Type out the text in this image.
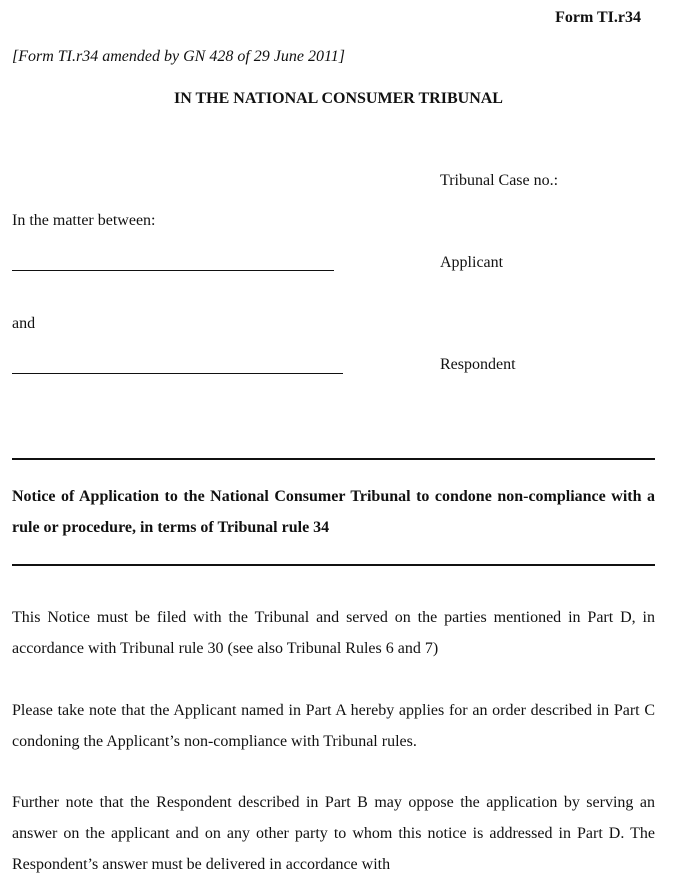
Form TI.r34
[Form TI.r34 amended by GN 428 of 29 June 2011]
IN THE NATIONAL CONSUMER TRIBUNAL
Tribunal Case no.:
In the matter between:
Applicant
and
Respondent
Notice of Application to the National Consumer Tribunal to condone non-compliance with a rule or procedure, in terms of Tribunal rule 34

This Notice must be filed with the Tribunal and served on the parties mentioned in Part D, in accordance with Tribunal rule 30 (see also Tribunal Rules 6 and 7)

Please take note that the Applicant named in Part A hereby applies for an order described in Part C condoning the Applicant’s non-compliance with Tribunal rules.

Further note that the Respondent described in Part B may oppose the application by serving an answer on the applicant and on any other party to whom this notice is addressed in Part D. The Respondent’s answer must be delivered in accordance with
